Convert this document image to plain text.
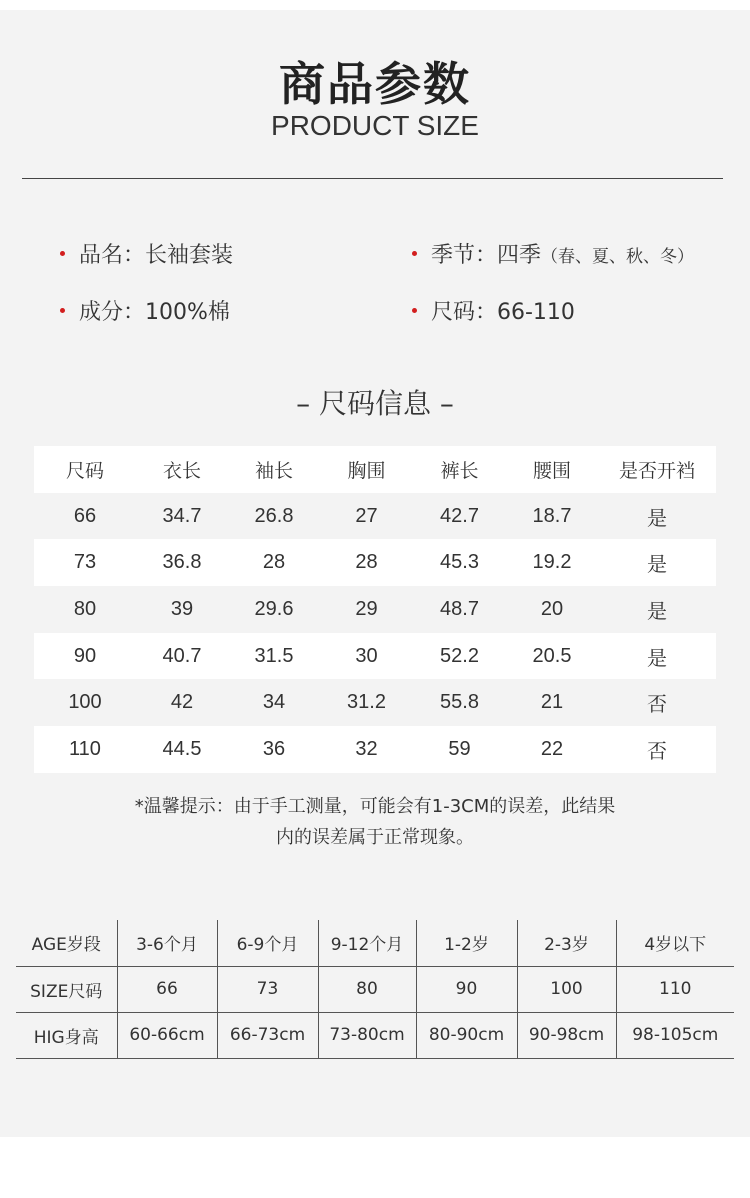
商品参数
PRODUCT SIZE
品名：长袖套装	季节：四季（春、夏、秋、冬）
成分：100%棉	尺码：66-110
– 尺码信息 –
尺码	衣长	袖长	胸围	裤长	腰围	是否开裆
66	34.7	26.8	27	42.7	18.7	是
73	36.8	28	28	45.3	19.2	是
80	39	29.6	29	48.7	20	是
90	40.7	31.5	30	52.2	20.5	是
100	42	34	31.2	55.8	21	否
110	44.5	36	32	59	22	否
*温馨提示：由于手工测量，可能会有1-3CM的误差，此结果
内的误差属于正常现象。
AGE岁段	3-6个月	6-9个月	9-12个月	1-2岁	2-3岁	4岁以下
SIZE尺码	66	73	80	90	100	110
HIG身高	60-66cm	66-73cm	73-80cm	80-90cm	90-98cm	98-105cm
